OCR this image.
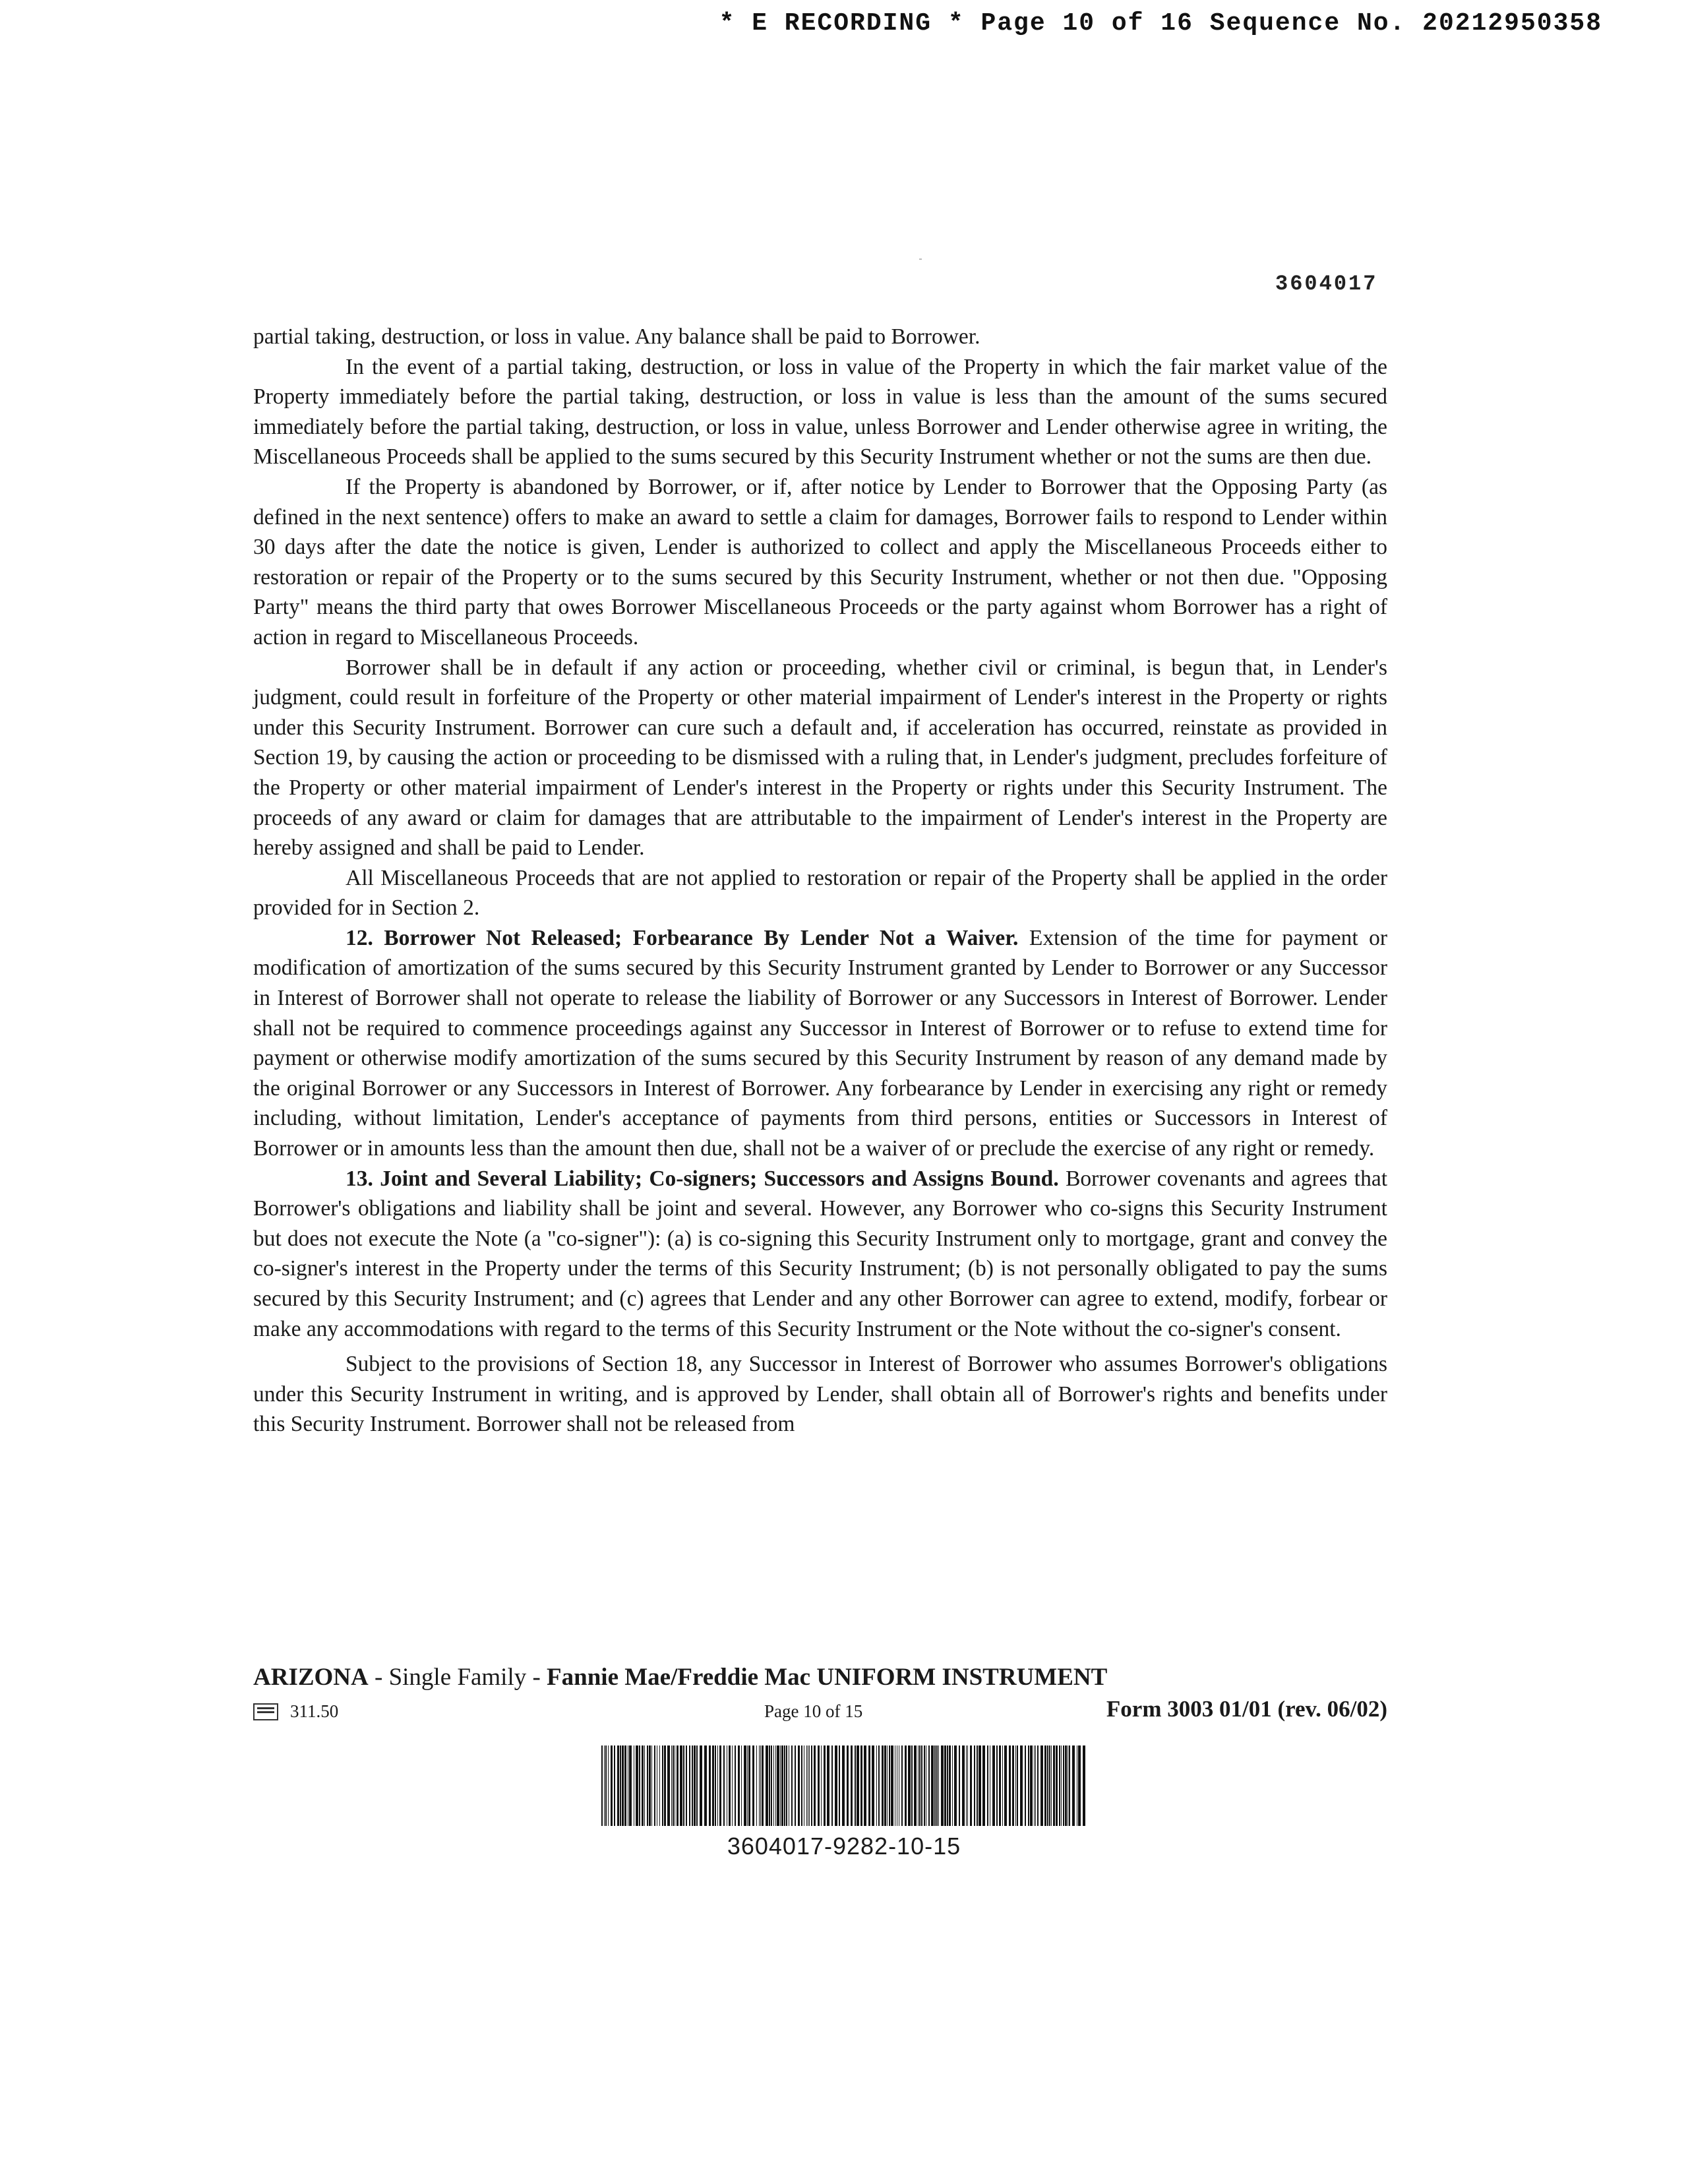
* E RECORDING * Page 10 of 16 Sequence No. 20212950358
3604017

partial taking, destruction, or loss in value. Any balance shall be paid to Borrower.

In the event of a partial taking, destruction, or loss in value of the Property in which the fair market value of the Property immediately before the partial taking, destruction, or loss in value is less than the amount of the sums secured immediately before the partial taking, destruction, or loss in value, unless Borrower and Lender otherwise agree in writing, the Miscellaneous Proceeds shall be applied to the sums secured by this Security Instrument whether or not the sums are then due.

If the Property is abandoned by Borrower, or if, after notice by Lender to Borrower that the Opposing Party (as defined in the next sentence) offers to make an award to settle a claim for damages, Borrower fails to respond to Lender within 30 days after the date the notice is given, Lender is authorized to collect and apply the Miscellaneous Proceeds either to restoration or repair of the Property or to the sums secured by this Security Instrument, whether or not then due. "Opposing Party" means the third party that owes Borrower Miscellaneous Proceeds or the party against whom Borrower has a right of action in regard to Miscellaneous Proceeds.

Borrower shall be in default if any action or proceeding, whether civil or criminal, is begun that, in Lender's judgment, could result in forfeiture of the Property or other material impairment of Lender's interest in the Property or rights under this Security Instrument. Borrower can cure such a default and, if acceleration has occurred, reinstate as provided in Section 19, by causing the action or proceeding to be dismissed with a ruling that, in Lender's judgment, precludes forfeiture of the Property or other material impairment of Lender's interest in the Property or rights under this Security Instrument. The proceeds of any award or claim for damages that are attributable to the impairment of Lender's interest in the Property are hereby assigned and shall be paid to Lender.

All Miscellaneous Proceeds that are not applied to restoration or repair of the Property shall be applied in the order provided for in Section 2.

12. Borrower Not Released; Forbearance By Lender Not a Waiver. Extension of the time for payment or modification of amortization of the sums secured by this Security Instrument granted by Lender to Borrower or any Successor in Interest of Borrower shall not operate to release the liability of Borrower or any Successors in Interest of Borrower. Lender shall not be required to commence proceedings against any Successor in Interest of Borrower or to refuse to extend time for payment or otherwise modify amortization of the sums secured by this Security Instrument by reason of any demand made by the original Borrower or any Successors in Interest of Borrower. Any forbearance by Lender in exercising any right or remedy including, without limitation, Lender's acceptance of payments from third persons, entities or Successors in Interest of Borrower or in amounts less than the amount then due, shall not be a waiver of or preclude the exercise of any right or remedy.

13. Joint and Several Liability; Co-signers; Successors and Assigns Bound. Borrower covenants and agrees that Borrower's obligations and liability shall be joint and several. However, any Borrower who co-signs this Security Instrument but does not execute the Note (a "co-signer"): (a) is co-signing this Security Instrument only to mortgage, grant and convey the co-signer's interest in the Property under the terms of this Security Instrument; (b) is not personally obligated to pay the sums secured by this Security Instrument; and (c) agrees that Lender and any other Borrower can agree to extend, modify, forbear or make any accommodations with regard to the terms of this Security Instrument or the Note without the co-signer's consent.

Subject to the provisions of Section 18, any Successor in Interest of Borrower who assumes Borrower's obligations under this Security Instrument in writing, and is approved by Lender, shall obtain all of Borrower's rights and benefits under this Security Instrument. Borrower shall not be released from

ARIZONA - Single Family - Fannie Mae/Freddie Mac UNIFORM INSTRUMENT
311.50	Page 10 of 15	Form 3003 01/01 (rev. 06/02)
3604017-9282-10-15
